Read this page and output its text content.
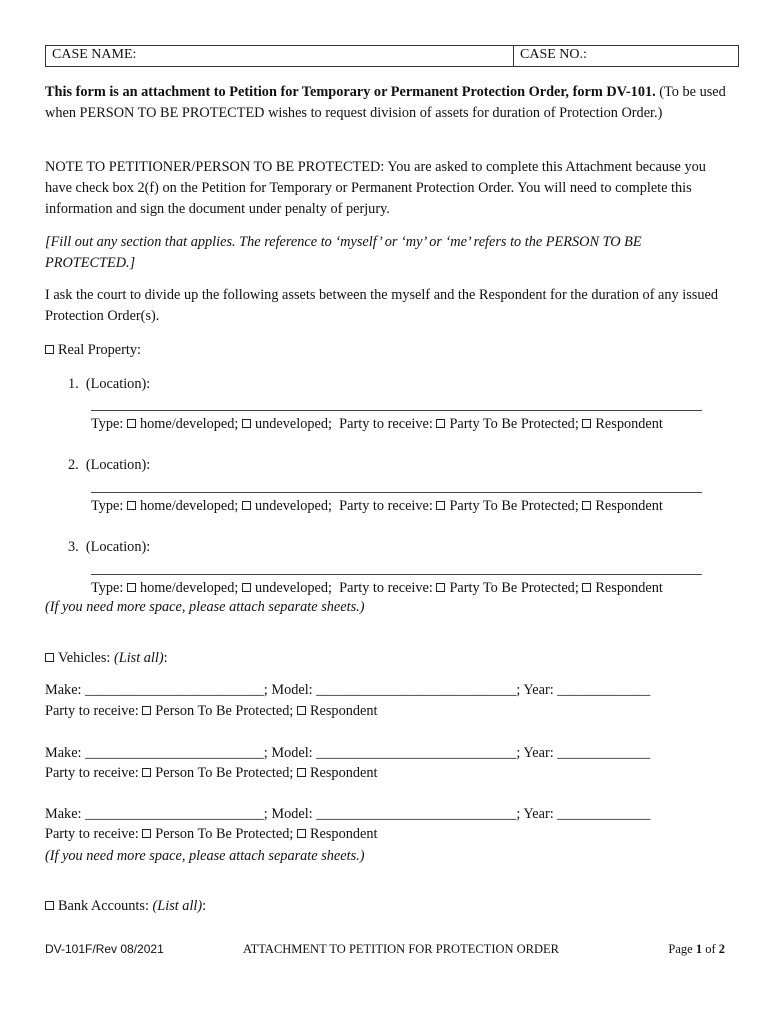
CASE NAME:	CASE NO.:

This form is an attachment to Petition for Temporary or Permanent Protection Order, form DV-101. (To be used when PERSON TO BE PROTECTED wishes to request division of assets for duration of Protection Order.)

NOTE TO PETITIONER/PERSON TO BE PROTECTED: You are asked to complete this Attachment because you have check box 2(f) on the Petition for Temporary or Permanent Protection Order. You will need to complete this information and sign the document under penalty of perjury.

[Fill out any section that applies. The reference to ‘myself’ or ‘my’ or ‘me’ refers to the PERSON TO BE PROTECTED.]

I ask the court to divide up the following assets between the myself and the Respondent for the duration of any issued Protection Order(s).

Real Property:
1. (Location):
Type: home/developed; undeveloped; Party to receive: Party To Be Protected; Respondent
2. (Location):
Type: home/developed; undeveloped; Party to receive: Party To Be Protected; Respondent
3. (Location):
Type: home/developed; undeveloped; Party to receive: Party To Be Protected; Respondent
(If you need more space, please attach separate sheets.)
Vehicles: (List all):
Make: _________________________; Model: ____________________________; Year: _____________
Party to receive: Person To Be Protected; Respondent
Make: _________________________; Model: ____________________________; Year: _____________
Party to receive: Person To Be Protected; Respondent
Make: _________________________; Model: ____________________________; Year: _____________
Party to receive: Person To Be Protected; Respondent
(If you need more space, please attach separate sheets.)
Bank Accounts: (List all):
DV-101F/Rev 08/2021	ATTACHMENT TO PETITION FOR PROTECTION ORDER	Page 1 of 2
